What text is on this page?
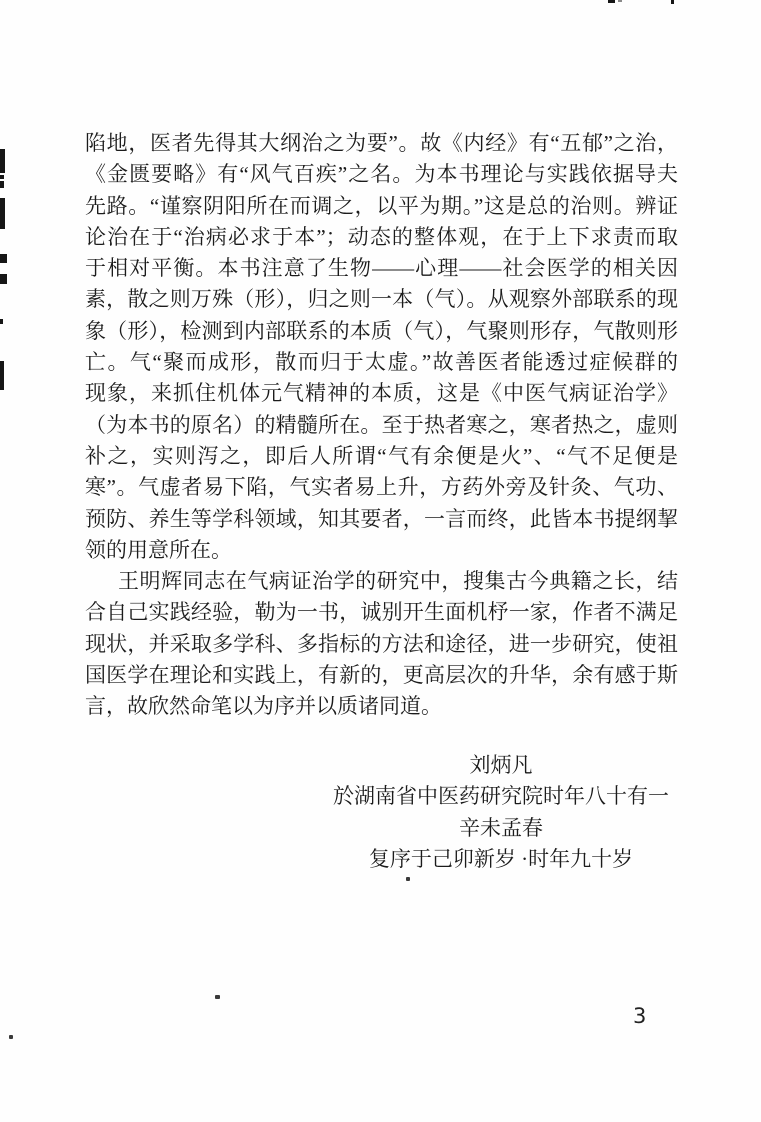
陷地，医者先得其大纲治之为要”。故《内经》有“五郁”之治，
《金匮要略》有“风气百疾”之名。为本书理论与实践依据导夫
先路。“谨察阴阳所在而调之，以平为期。”这是总的治则。辨证
论治在于“治病必求于本”；动态的整体观，在于上下求责而取
于相对平衡。本书注意了生物——心理——社会医学的相关因
素，散之则万殊（形），归之则一本（气）。从观察外部联系的现
象（形），检测到内部联系的本质（气），气聚则形存，气散则形
亡。气“聚而成形，散而归于太虚。”故善医者能透过症候群的
现象，来抓住机体元气精神的本质，这是《中医气病证治学》
（为本书的原名）的精髓所在。至于热者寒之，寒者热之，虚则
补之，实则泻之，即后人所谓“气有余便是火”、“气不足便是
寒”。气虚者易下陷，气实者易上升，方药外旁及针灸、气功、
预防、养生等学科领域，知其要者，一言而终，此皆本书提纲挈
领的用意所在。
王明辉同志在气病证治学的研究中，搜集古今典籍之长，结
合自己实践经验，勒为一书，诚别开生面机杼一家，作者不满足
现状，并采取多学科、多指标的方法和途径，进一步研究，使祖
国医学在理论和实践上，有新的，更高层次的升华，余有感于斯
言，故欣然命笔以为序并以质诸同道。
刘炳凡
於湖南省中医药研究院时年八十有一
辛未孟春
复序于己卯新岁 ·时年九十岁
3
